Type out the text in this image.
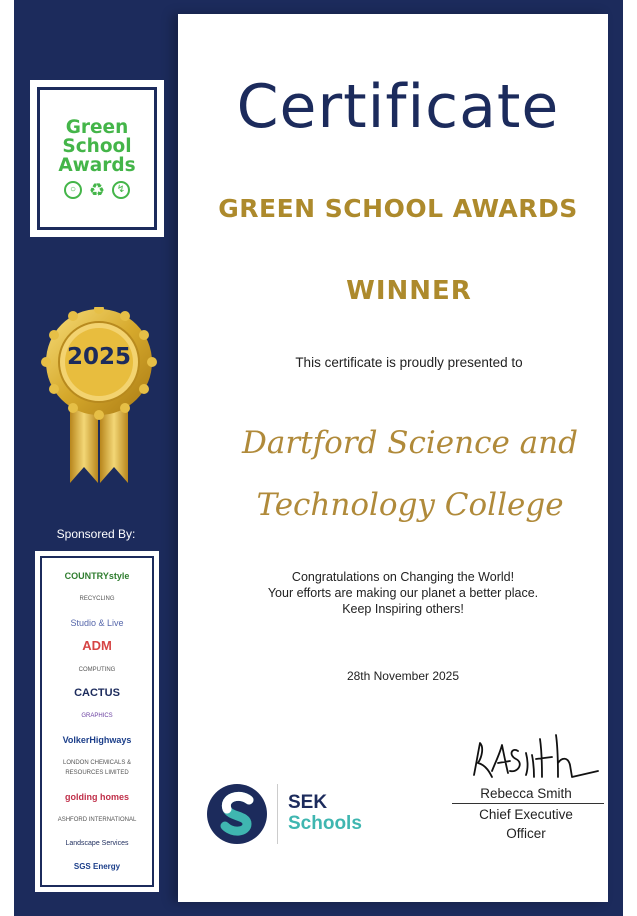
Green
School
Awards
○ ♻	↯
2025
Sponsored By:
COUNTRYstyle
RECYCLING
Studio & Live
ADM
COMPUTING
CACTUS
GRAPHICS
VolkerHighways
LONDON CHEMICALS & RESOURCES LIMITED
golding homes
ASHFORD INTERNATIONAL
Landscape Services
SGS Energy
Certificate
GREEN SCHOOL AWARDS
WINNER
This certificate is proudly presented to
Dartford Science and
Technology College
Congratulations on Changing the World!
Your efforts are making our planet a better place.
Keep Inspiring others!
28th November 2025
SEK
Schools
Rebecca Smith
Chief Executive
Officer
